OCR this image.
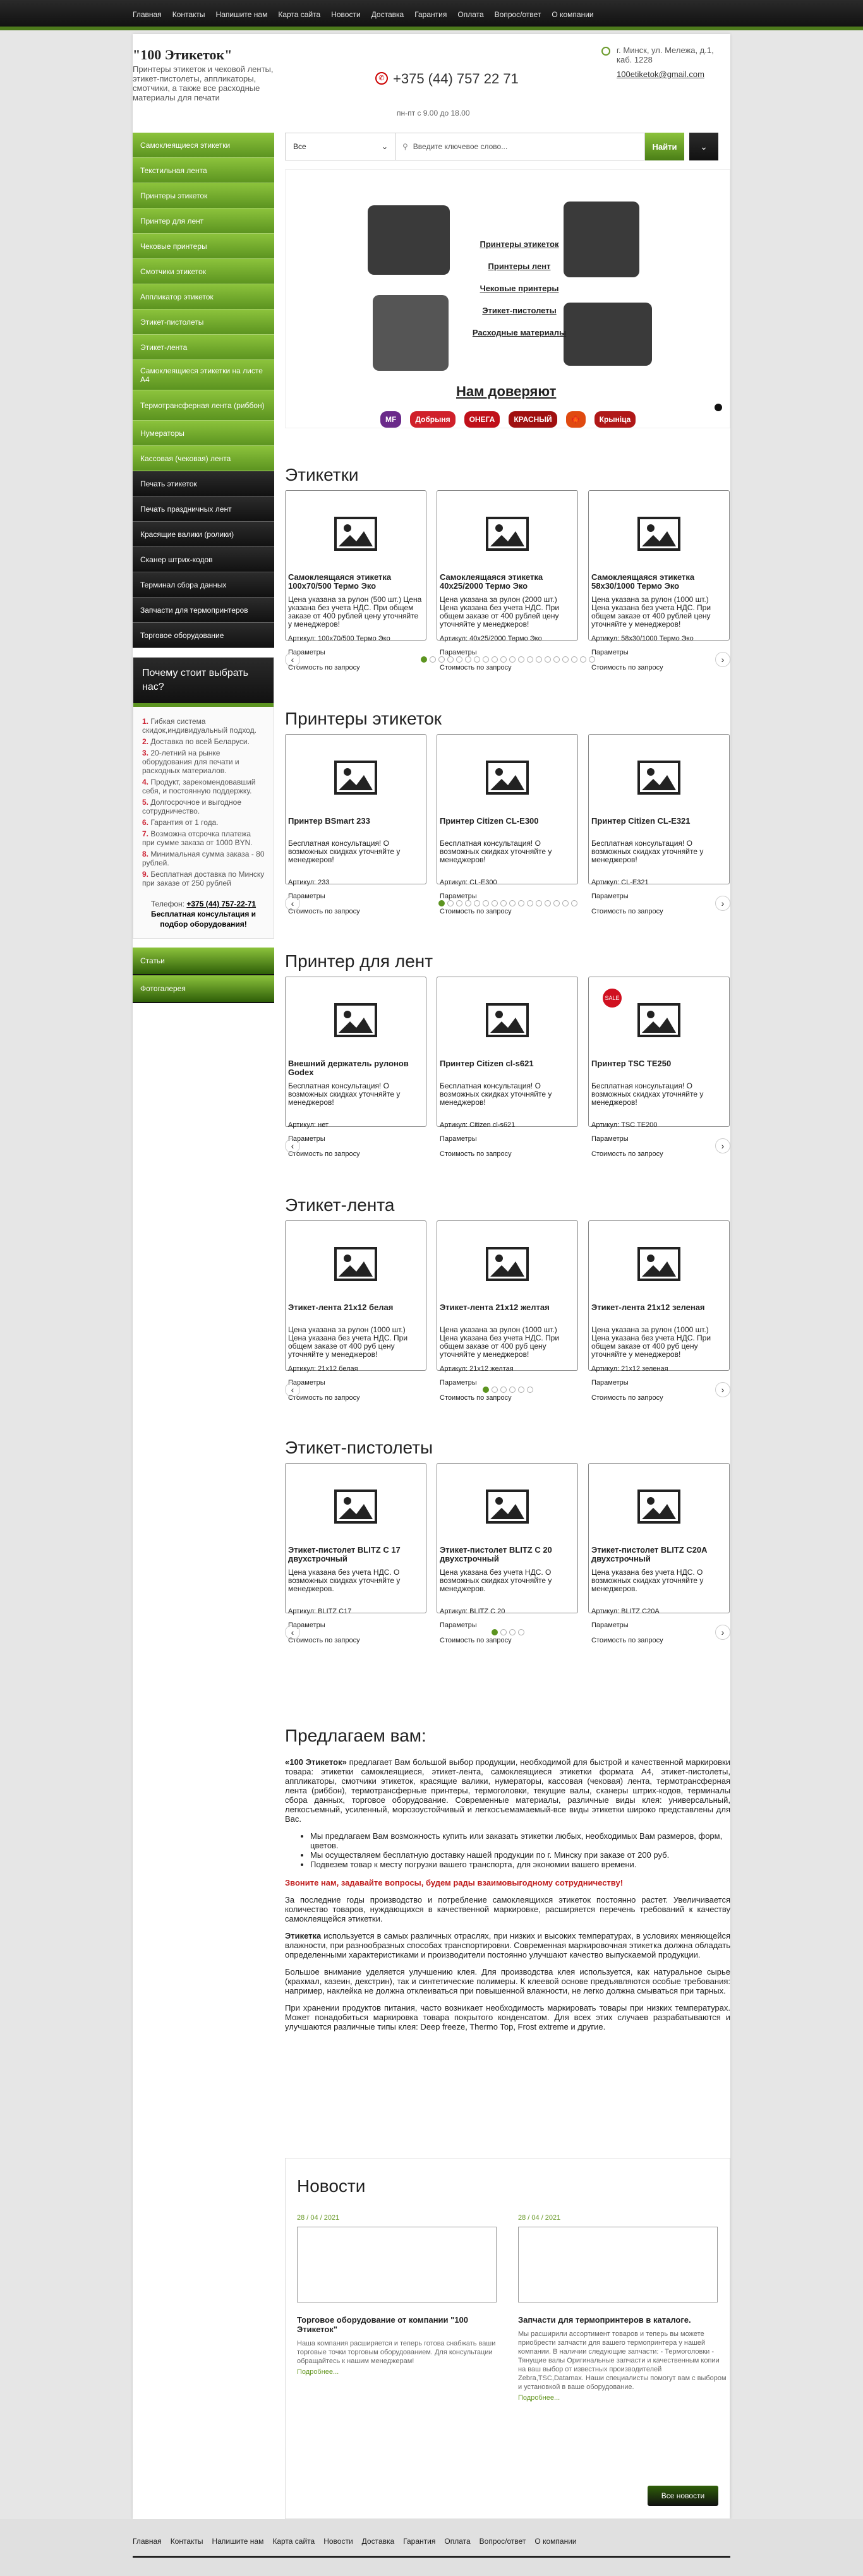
Главная	Контакты	Напишите нам	Карта сайта	Новости	Доставка	Гарантия	Оплата	Вопрос/ответ	О компании
"100 Этикеток"
Принтеры этикеток и чековой ленты, этикет-пистолеты, аппликаторы, смотчики, а также все расходные материалы для печати
✆ +375 (44) 757 22 71
пн-пт с 9.00 до 18.00
г. Минск, ул. Мележа, д.1, каб. 1228
100etiketok@gmail.com
Самоклеящиеся этикетки
Текстильная лента
Принтеры этикеток
Принтер для лент
Чековые принтеры
Смотчики этикеток
Аппликатор этикеток
Этикет-пистолеты
Этикет-лента
Самоклеящиеся этикетки на листе А4
Термотрансферная лента (риббон)
Нумераторы
Кассовая (чековая) лента
Печать этикеток
Печать праздничных лент
Красящие валики (ролики)
Сканер штрих-кодов
Терминал сбора данных
Запчасти для термопринтеров
Торговое оборудование
Почему стоит выбрать нас?
1. Гибкая система скидок,индивидуальный подход.
2. Доставка по всей Беларуси.
3. 20-летний на рынке оборудования для печати и расходных материалов.
4. Продукт, зарекомендовавший себя, и постоянную поддержку.
5. Долгосрочное и выгодное сотрудничество.
6. Гарантия от 1 года.
7. Возможна отсрочка платежа при сумме заказа от 1000 BYN.
8. Минимальная сумма заказа - 80 рублей.
9. Бесплатная доставка по Минску при заказе от 250 рублей
Телефон: +375 (44) 757-22-71
Бесплатная консультация и подбор оборудования!
Статьи
Фотогалерея
Все	⌄ ⚲ Введите ключевое слово...	Найти	⌄
Принтеры этикеток
Принтеры лент
Чековые принтеры
Этикет-пистолеты
Расходные материалы
Нам доверяют
MF	Добрыня	ОНЕГА	КРАСНЫЙ	🍁	Крыніца
Этикетки
Самоклеящаяся этикетка 100х70/500 Термо Эко
Цена указана за рулон (500 шт.) Цена указана без учета НДС. При общем заказе от 400 рублей цену уточняйте у менеджеров!
Артикул: 100х70/500 Термо Эко
Параметры
Стоимость по запросу
Самоклеящаяся этикетка 40х25/2000 Термо Эко
Цена указана за рулон (2000 шт.) Цена указана без учета НДС. При общем заказе от 400 рублей цену уточняйте у менеджеров!
Артикул: 40х25/2000 Термо Эко
Параметры
Стоимость по запросу
Самоклеящаяся этикетка 58х30/1000 Термо Эко
Цена указана за рулон (1000 шт.) Цена указана без учета НДС. При общем заказе от 400 рублей цену уточняйте у менеджеров!
Артикул: 58х30/1000 Термо Эко
Параметры
Стоимость по запросу
‹	›
Принтеры этикеток
Принтер BSmart 233
Бесплатная консультация! О возможных скидках уточняйте у менеджеров!
Артикул: 233
Параметры
Стоимость по запросу
Принтер Citizen CL-E300
Бесплатная консультация! О возможных скидках уточняйте у менеджеров!
Артикул: CL-E300
Параметры
Стоимость по запросу
Принтер Citizen CL-E321
Бесплатная консультация! О возможных скидках уточняйте у менеджеров!
Артикул: CL-E321
Параметры
Стоимость по запросу
‹	›
Принтер для лент
Внешний держатель рулонов Godex
Бесплатная консультация! О возможных скидках уточняйте у менеджеров!
Артикул: нет
Параметры
Стоимость по запросу
Принтер Citizen cl-s621
Бесплатная консультация! О возможных скидках уточняйте у менеджеров!
Артикул: Citizen cl-s621
Параметры
Стоимость по запросу
SALE
Принтер TSC TE250
Бесплатная консультация! О возможных скидках уточняйте у менеджеров!
Артикул: TSC TE200
Параметры
Стоимость по запросу
‹	›
Этикет-лента
Этикет-лента 21х12 белая
Цена указана за рулон (1000 шт.) Цена указана без учета НДС. При общем заказе от 400 руб цену уточняйте у менеджеров!
Артикул: 21х12 белая
Параметры
Стоимость по запросу
Этикет-лента 21х12 желтая
Цена указана за рулон (1000 шт.) Цена указана без учета НДС. При общем заказе от 400 руб цену уточняйте у менеджеров!
Артикул: 21х12 желтая
Параметры
Стоимость по запросу
Этикет-лента 21х12 зеленая
Цена указана за рулон (1000 шт.) Цена указана без учета НДС. При общем заказе от 400 руб цену уточняйте у менеджеров!
Артикул: 21х12 зеленая
Параметры
Стоимость по запросу
‹	›
Этикет-пистолеты
Этикет-пистолет BLITZ C 17 двухстрочный
Цена указана без учета НДС. О возможных скидках уточняйте у менеджеров.
Артикул: BLITZ C17
Параметры
Стоимость по запросу
Этикет-пистолет BLITZ C 20 двухстрочный
Цена указана без учета НДС. О возможных скидках уточняйте у менеджеров.
Артикул: BLITZ C 20
Параметры
Стоимость по запросу
Этикет-пистолет BLITZ C20A двухстрочный
Цена указана без учета НДС. О возможных скидках уточняйте у менеджеров.
Артикул: BLITZ C20A
Параметры
Стоимость по запросу
‹	›
Предлагаем вам:

«100 Этикеток» предлагает Вам большой выбор продукции, необходимой для быстрой и качественной маркировки товара: этикетки самоклеящиеся, этикет-лента, самоклеящиеся этикетки формата А4, этикет-пистолеты, аппликаторы, смотчики этикеток, красящие валики, нумераторы, кассовая (чековая) лента, термотрансферная лента (риббон), термотрансферные принтеры, термоголовки, текущие валы, сканеры штрих-кодов, терминалы сбора данных, торговое оборудование. Современные материалы, различные виды клея: универсальный, легкосъемный, усиленный, морозоустойчивый и легкосъемамаемый-все виды этикетки широко представлены для Вас.

• Мы предлагаем Вам возможность купить или заказать этикетки любых, необходимых Вам размеров, форм, цветов.
• Мы осуществляем бесплатную доставку нашей продукции по г. Минску при заказе от 200 руб.
• Подвезем товар к месту погрузки вашего транспорта, для экономии вашего времени.

Звоните нам, задавайте вопросы, будем рады взаимовыгодному сотрудничеству!

За последние годы производство и потребление самоклеящихся этикеток постоянно растет. Увеличивается количество товаров, нуждающихся в качественной маркировке, расширяется перечень требований к качеству самоклеящейся этикетки.

Этикетка используется в самых различных отраслях, при низких и высоких температурах, в условиях меняющейся влажности, при разнообразных способах транспортировки. Современная маркировочная этикетка должна обладать определенными характеристиками и производители постоянно улучшают качество выпускаемой продукции.

Большое внимание уделяется улучшению клея. Для производства клея используется, как натуральное сырье (крахмал, казеин, декстрин), так и синтетические полимеры. К клеевой основе предъявляются особые требования: например, наклейка не должна отклеиваться при повышенной влажности, не легко должна смываться при тарных.

При хранении продуктов питания, часто возникает необходимость маркировать товары при низких температурах. Может понадобиться маркировка товара покрытого конденсатом. Для всех этих случаев разрабатываются и улучшаются различные типы клея: Deep freeze, Thermo Top, Frost extreme и другие.

Новости
28 / 04 / 2021
Торговое оборудование от компании "100 Этикеток"
Наша компания расширяется и теперь готова снабжать ваши торговые точки торговым оборудованием. Для консультации обращайтесь к нашим менеджерам!
Подробнее...
28 / 04 / 2021
Запчасти для термопринтеров в каталоге.
Мы расширили ассортимент товаров и теперь вы можете приобрести запчасти для вашего термопринтера у нашей компании. В наличии следующие запчасти: - Термоголовки - Тянущие валы Оригинальные запчасти и качественным копии на ваш выбор от известных производителей Zebra,TSC,Datamax. Наши специалисты помогут вам с выбором и установкой в ваше оборудование.
Подробнее...
Все новости
Главная Контакты Напишите нам Карта сайта Новости Доставка Гарантия Оплата Вопрос/ответ О компании
